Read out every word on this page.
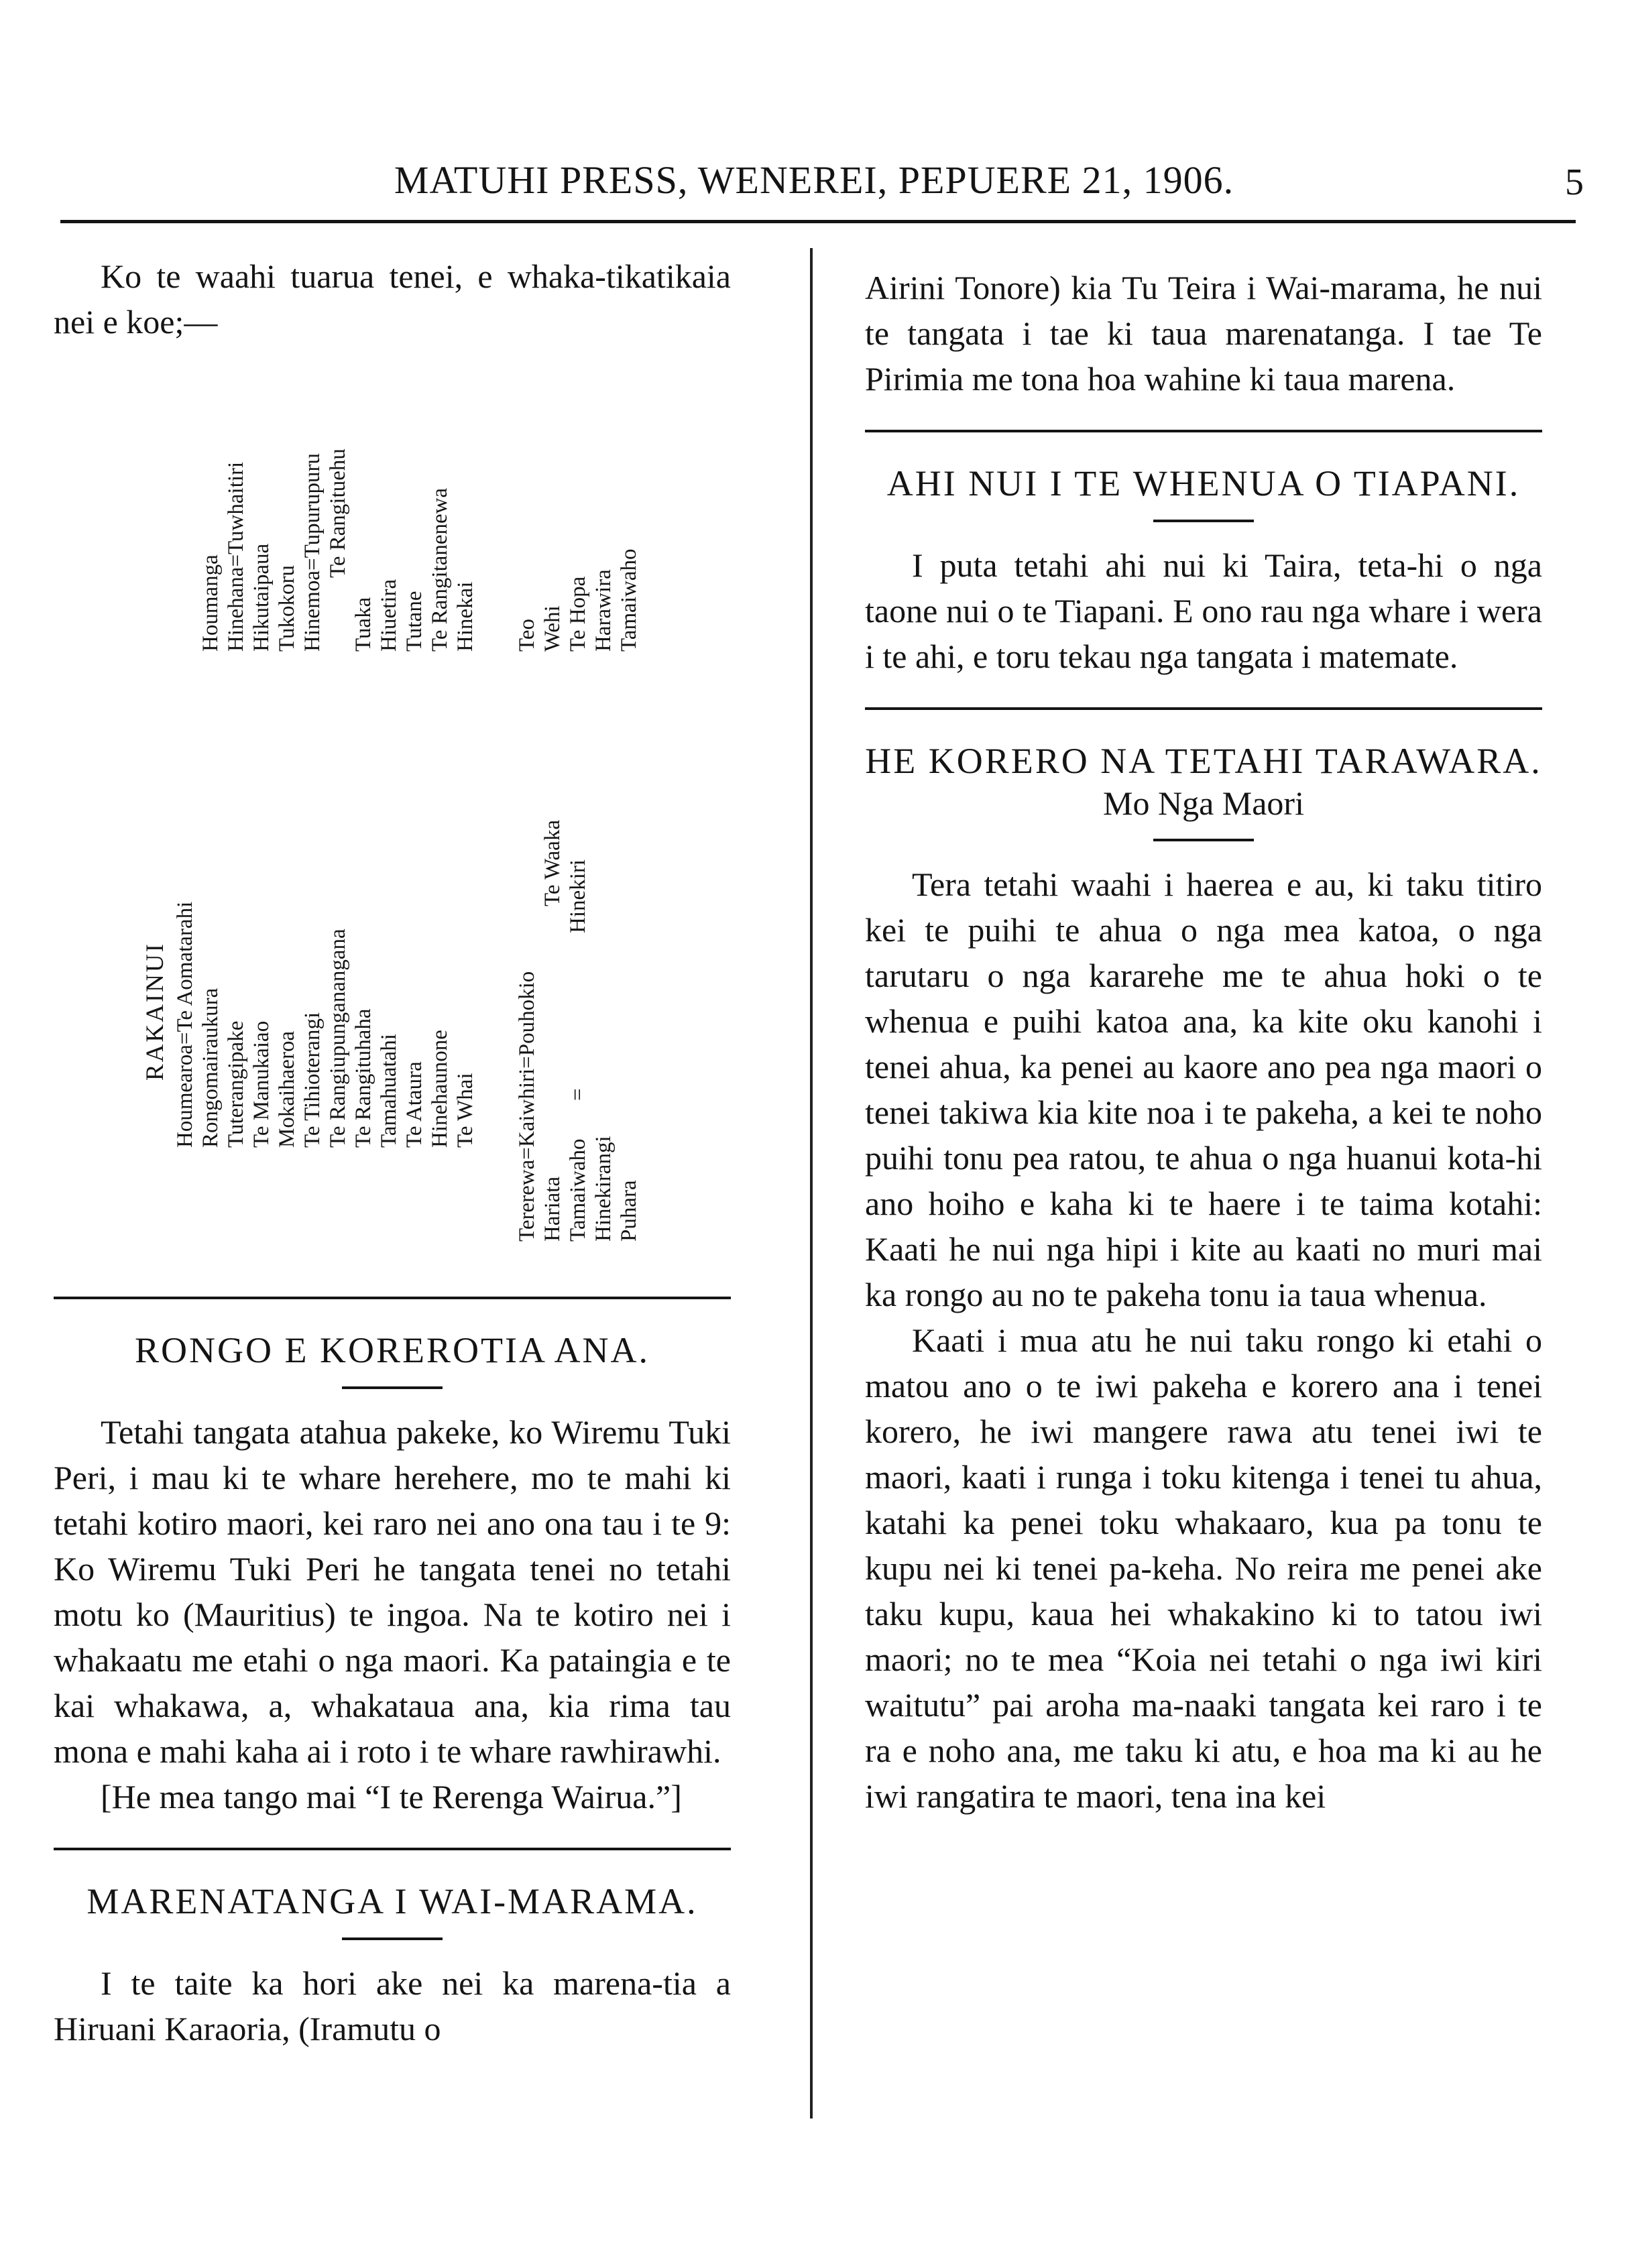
MATUHI PRESS, WENEREI, PEPUERE 21, 1906.	5

Ko te waahi tuarua tenei, e whaka-tikatikaia nei e koe;—

RAKAINUI Houmearoa=Te Aomatarahi Rongomairaukura Tuterangipake Te Manukaiao Mokaihaeroa Te Tihioterangi Te Rangiupunganangana Te Rangituhaha Tamahuatahi Te Ataura Hinehaunone Te Whai Tererewa=Kaiwhiri=Pouhokio Hariata Tamaiwaho Hinekirangi Puhara
Houmanga Hinehana=Tuwhaitiri Hikutaipaua Tukokoru Hinemoa=Tupurupuru Tuaka
Te Rangituehu
Hiuetira Tutane Te Rangitanenewa Hinekai Teo
Te Waaka Hinekiri
=
Wehi Te Hopa Harawira Tamaiwaho
RONGO E KOREROTIA ANA.

Tetahi tangata atahua pakeke, ko Wiremu Tuki Peri, i mau ki te whare herehere, mo te mahi ki tetahi kotiro maori, kei raro nei ano ona tau i te 9: Ko Wiremu Tuki Peri he tangata tenei no tetahi motu ko (Mauritius) te ingoa. Na te kotiro nei i whakaatu me etahi o nga maori. Ka pataingia e te kai whakawa, a, whakataua ana, kia rima tau mona e mahi kaha ai i roto i te whare rawhirawhi.

[He mea tango mai “I te Rerenga Wairua.”]

MARENATANGA I WAI-MARAMA.

I te taite ka hori ake nei ka marena-tia a Hiruani Karaoria, (Iramutu o

Airini Tonore) kia Tu Teira i Wai-marama, he nui te tangata i tae ki taua marenatanga. I tae Te Pirimia me tona hoa wahine ki taua marena.

AHI NUI I TE WHENUA O TIAPANI.

I puta tetahi ahi nui ki Taira, teta-hi o nga taone nui o te Tiapani. E ono rau nga whare i wera i te ahi, e toru tekau nga tangata i matemate.

HE KORERO NA TETAHI TARAWARA.
Mo Nga Maori

Tera tetahi waahi i haerea e au, ki taku titiro kei te puihi te ahua o nga mea katoa, o nga tarutaru o nga kararehe me te ahua hoki o te whenua e puihi katoa ana, ka kite oku kanohi i tenei ahua, ka penei au kaore ano pea nga maori o tenei takiwa kia kite noa i te pakeha, a kei te noho puihi tonu pea ratou, te ahua o nga huanui kota-hi ano hoiho e kaha ki te haere i te taima kotahi: Kaati he nui nga hipi i kite au kaati no muri mai ka rongo au no te pakeha tonu ia taua whenua.

Kaati i mua atu he nui taku rongo ki etahi o matou ano o te iwi pakeha e korero ana i tenei korero, he iwi mangere rawa atu tenei iwi te maori, kaati i runga i toku kitenga i tenei tu ahua, katahi ka penei toku whakaaro, kua pa tonu te kupu nei ki tenei pa-keha. No reira me penei ake taku kupu, kaua hei whakakino ki to tatou iwi maori; no te mea “Koia nei tetahi o nga iwi kiri waitutu” pai aroha ma-naaki tangata kei raro i te ra e noho ana, me taku ki atu, e hoa ma ki au he iwi rangatira te maori, tena ina kei
